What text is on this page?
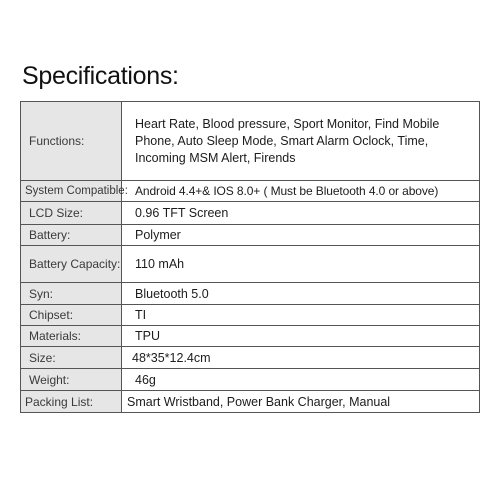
Specifications:
Functions:	Heart Rate, Blood pressure, Sport Monitor, Find Mobile Phone, Auto Sleep Mode, Smart Alarm Oclock, Time, Incoming MSM Alert, Firends
System Compatible:	Android 4.4+& IOS 8.0+ ( Must be Bluetooth 4.0 or above)
LCD Size:	0.96 TFT Screen
Battery:	Polymer
Battery Capacity:	110 mAh
Syn:	Bluetooth 5.0
Chipset:	TI
Materials:	TPU
Size:	48*35*12.4cm
Weight:	46g
Packing List:	Smart Wristband, Power Bank Charger, Manual
